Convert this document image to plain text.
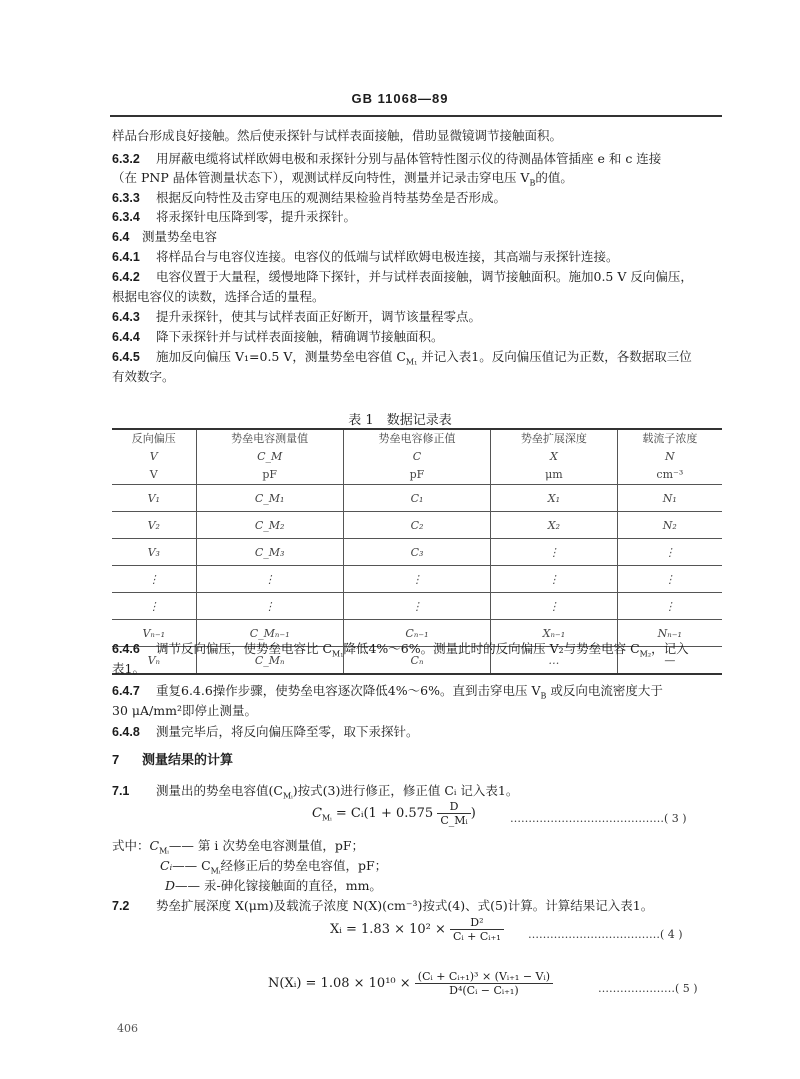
GB 11068—89
样品台形成良好接触。然后使汞探针与试样表面接触，借助显微镜调节接触面积。
6.3.2 用屏蔽电缆将试样欧姆电极和汞探针分别与晶体管特性图示仪的待测晶体管插座 e 和 c 连接
（在 PNP 晶体管测量状态下），观测试样反向特性，测量并记录击穿电压 $V_B$的值。
6.3.3 根据反向特性及击穿电压的观测结果检验肖特基势垒是否形成。
6.3.4 将汞探针电压降到零，提升汞探针。
6.4 测量势垒电容
6.4.1 将样品台与电容仪连接。电容仪的低端与试样欧姆电极连接，其高端与汞探针连接。
6.4.2 电容仪置于大量程，缓慢地降下探针，并与试样表面接触，调节接触面积。施加0.5 V 反向偏压，
根据电容仪的读数，选择合适的量程。
6.4.3 提升汞探针，使其与试样表面正好断开，调节该量程零点。
6.4.4 降下汞探针并与试样表面接触，精确调节接触面积。
6.4.5 施加反向偏压 V₁=0.5 V，测量势垒电容值 $C_{M_1}$ 并记入表1。反向偏压值记为正数，各数据取三位
有效数字。
表 1　数据记录表
反向偏压	势垒电容测量值	势垒电容修正值	势垒扩展深度	载流子浓度
V	C_M	C	X	N
V	pF	pF	μm	cm⁻³
V₁	C_M₁	C₁	X₁	N₁
V₂	C_M₂	C₂	X₂	N₂
V₃	C_M₃	C₃	⋮	⋮
⋮	⋮	⋮	⋮	⋮
⋮	⋮	⋮	⋮	⋮
Vₙ₋₁	C_Mₙ₋₁	Cₙ₋₁	Xₙ₋₁	Nₙ₋₁
Vₙ	C_Mₙ	Cₙ	…	—
6.4.6 调节反向偏压，使势垒电容比 $C_{M_1}$降低4%～6%。测量此时的反向偏压 V₂与势垒电容 $C_{M_2}$，记入
表1。
6.4.7 重复6.4.6操作步骤，使势垒电容逐次降低4%～6%。直到击穿电压 $V_B$ 或反向电流密度大于
30 μA/mm²即停止测量。
6.4.8 测量完毕后，将反向偏压降至零，取下汞探针。
7 测量结果的计算
7.1 测量出的势垒电容值$(C_{Mᵢ})$按式(3)进行修正，修正值 Cᵢ 记入表1。
$C_{Mᵢ}$ = Cᵢ(1 + $0.575 \frac{D}{\text{C\_Mᵢ}}$ )	……………………………………( 3 )
式中：$C_{Mᵢ}——$ 第 i 次势垒电容测量值，pF；
Cᵢ—— $C_{Mᵢ}$经修正后的势垒电容值，pF；
D—— 汞-砷化镓接触面的直径，mm。
7.2 势垒扩展深度 X(μm)及载流子浓度 N(X)(cm⁻³)按式(4)、式(5)计算。计算结果记入表1。
Xᵢ = $1.83 \times 10^2 \times \frac{\text{D²}}{\text{Cᵢ + Cᵢ₊₁}}$ ………………………………( 4 )
N(Xᵢ) = $1.08 \times 10^{10} \times \frac{\text{(Cᵢ + Cᵢ₊₁)³ × (Vᵢ₊₁ − Vᵢ)}}{\text{D⁴(Cᵢ − Cᵢ₊₁)}}$	…………………( 5 )
406
